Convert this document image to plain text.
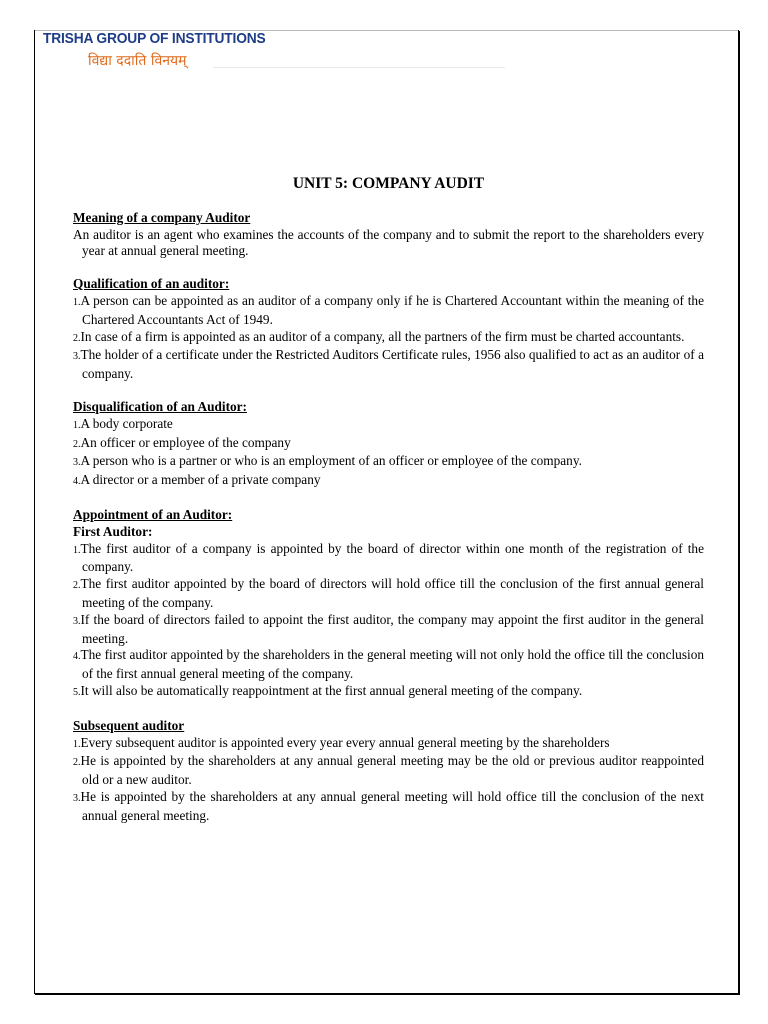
TRISHA GROUP OF INSTITUTIONS

विद्या ददाति विनयम्

UNIT 5: COMPANY AUDIT

Meaning of a company Auditor

An auditor is an agent who examines the accounts of the company and to submit the report to the shareholders every year at annual general meeting.

Qualification of an auditor:

1.A person can be appointed as an auditor of a company only if he is Chartered Accountant within the meaning of the Chartered Accountants Act of 1949.
2.In case of a firm is appointed as an auditor of a company, all the partners of the firm must be charted accountants.
3.The holder of a certificate under the Restricted Auditors Certificate rules, 1956 also qualified to act as an auditor of a company.

Disqualification of an Auditor:

1.A body corporate
2.An officer or employee of the company
3.A person who is a partner or who is an employment of an officer or employee of the company.
4.A director or a member of a private company

Appointment of an Auditor:

First Auditor:

1.The first auditor of a company is appointed by the board of director within one month of the registration of the company.
2.The first auditor appointed by the board of directors will hold office till the conclusion of the first annual general meeting of the company.
3.If the board of directors failed to appoint the first auditor, the company may appoint the first auditor in the general meeting.
4.The first auditor appointed by the shareholders in the general meeting will not only hold the office till the conclusion of the first annual general meeting of the company.
5.It will also be automatically reappointment at the first annual general meeting of the company.

Subsequent auditor

1.Every subsequent auditor is appointed every year every annual general meeting by the shareholders
2.He is appointed by the shareholders at any annual general meeting may be the old or previous auditor reappointed old or a new auditor.
3.He is appointed by the shareholders at any annual general meeting will hold office till the conclusion of the next annual general meeting.
